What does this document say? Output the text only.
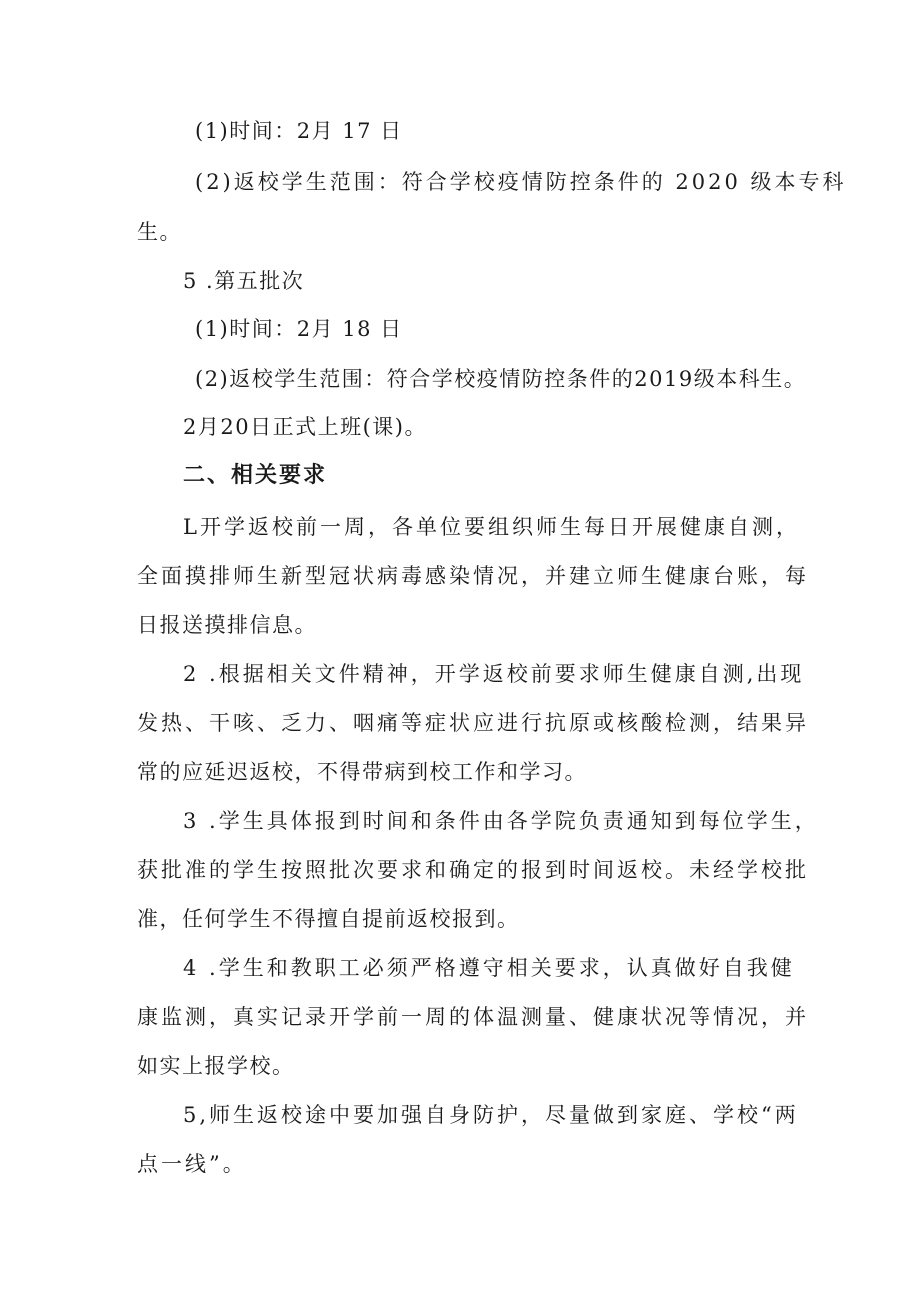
(1)时间：2月 17 日
(2)返校学生范围：符合学校疫情防控条件的 2020 级本专科
生。
5 .第五批次
(1)时间：2月 18 日
(2)返校学生范围：符合学校疫情防控条件的2019级本科生。
2月20日正式上班(课)。
二、相关要求
L开学返校前一周，各单位要组织师生每日开展健康自测，
全面摸排师生新型冠状病毒感染情况，并建立师生健康台账，每
日报送摸排信息。
2 .根据相关文件精神，开学返校前要求师生健康自测,出现
发热、干咳、乏力、咽痛等症状应进行抗原或核酸检测，结果异
常的应延迟返校，不得带病到校工作和学习。
3 .学生具体报到时间和条件由各学院负责通知到每位学生，
获批准的学生按照批次要求和确定的报到时间返校。未经学校批
准，任何学生不得擅自提前返校报到。
4 .学生和教职工必须严格遵守相关要求，认真做好自我健
康监测，真实记录开学前一周的体温测量、健康状况等情况，并
如实上报学校。
5,师生返校途中要加强自身防护，尽量做到家庭、学校“两
点一线”。
